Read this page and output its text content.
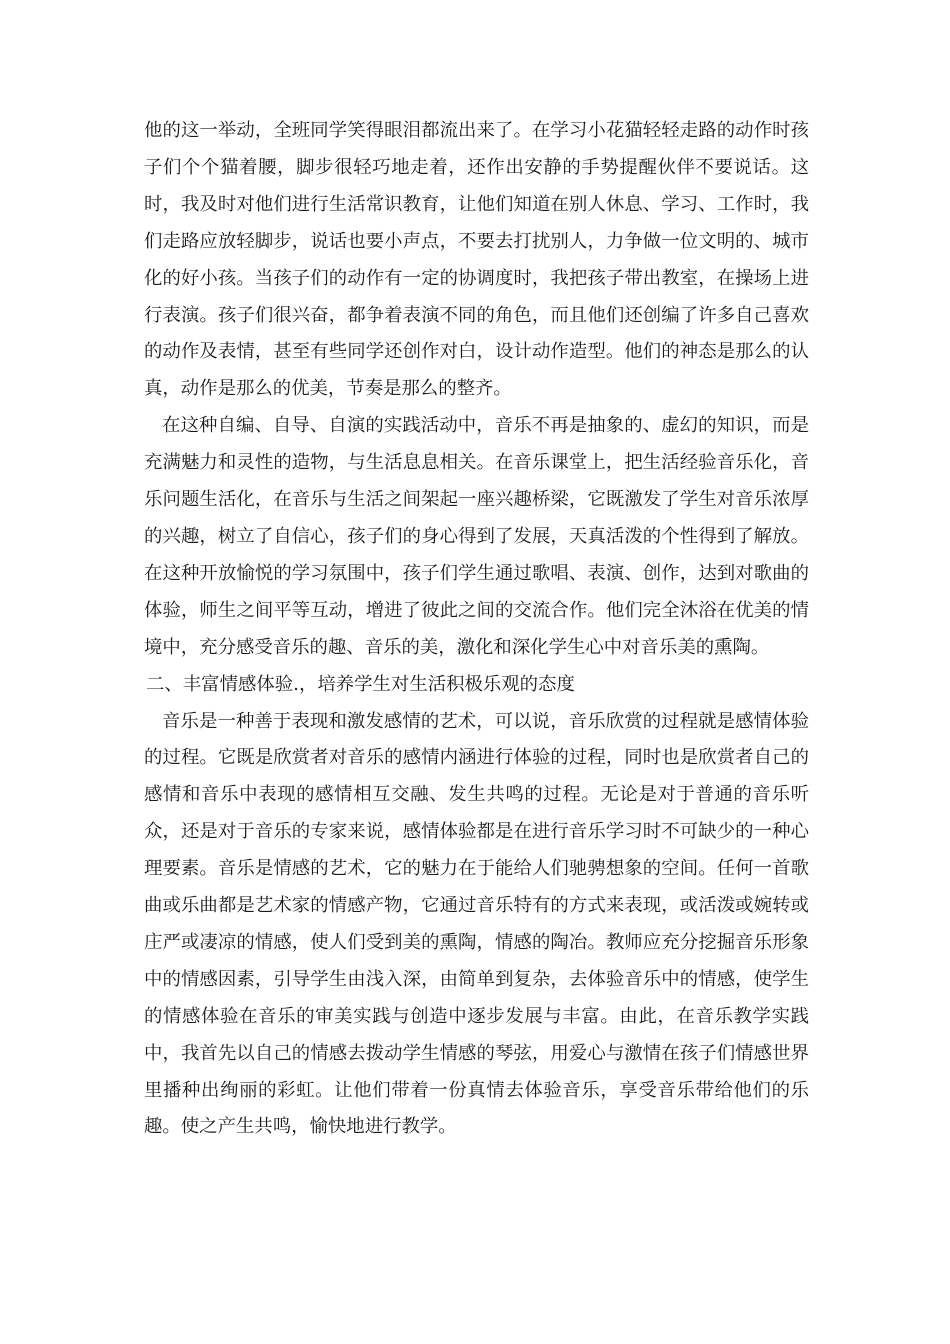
他的这一举动，全班同学笑得眼泪都流出来了。在学习小花猫轻轻走路的动作时孩子们个个猫着腰，脚步很轻巧地走着，还作出安静的手势提醒伙伴不要说话。这时，我及时对他们进行生活常识教育，让他们知道在别人休息、学习、工作时，我们走路应放轻脚步，说话也要小声点，不要去打扰别人，力争做一位文明的、城市化的好小孩。当孩子们的动作有一定的协调度时，我把孩子带出教室，在操场上进行表演。孩子们很兴奋，都争着表演不同的角色，而且他们还创编了许多自己喜欢的动作及表情，甚至有些同学还创作对白，设计动作造型。他们的神态是那么的认真，动作是那么的优美，节奏是那么的整齐。

在这种自编、自导、自演的实践活动中，音乐不再是抽象的、虚幻的知识，而是充满魅力和灵性的造物，与生活息息相关。在音乐课堂上，把生活经验音乐化，音乐问题生活化，在音乐与生活之间架起一座兴趣桥梁，它既激发了学生对音乐浓厚的兴趣，树立了自信心，孩子们的身心得到了发展，天真活泼的个性得到了解放。在这种开放愉悦的学习氛围中，孩子们学生通过歌唱、表演、创作，达到对歌曲的体验，师生之间平等互动，增进了彼此之间的交流合作。他们完全沐浴在优美的情境中，充分感受音乐的趣、音乐的美，激化和深化学生心中对音乐美的熏陶。

二、丰富情感体验.，培养学生对生活积极乐观的态度

音乐是一种善于表现和激发感情的艺术，可以说，音乐欣赏的过程就是感情体验的过程。它既是欣赏者对音乐的感情内涵进行体验的过程，同时也是欣赏者自己的感情和音乐中表现的感情相互交融、发生共鸣的过程。无论是对于普通的音乐听众，还是对于音乐的专家来说，感情体验都是在进行音乐学习时不可缺少的一种心理要素。音乐是情感的艺术，它的魅力在于能给人们驰骋想象的空间。任何一首歌曲或乐曲都是艺术家的情感产物，它通过音乐特有的方式来表现，或活泼或婉转或庄严或凄凉的情感，使人们受到美的熏陶，情感的陶冶。教师应充分挖掘音乐形象中的情感因素，引导学生由浅入深，由简单到复杂，去体验音乐中的情感，使学生的情感体验在音乐的审美实践与创造中逐步发展与丰富。由此，在音乐教学实践中，我首先以自己的情感去拨动学生情感的琴弦，用爱心与激情在孩子们情感世界里播种出绚丽的彩虹。让他们带着一份真情去体验音乐，享受音乐带给他们的乐趣。使之产生共鸣，愉快地进行教学。
